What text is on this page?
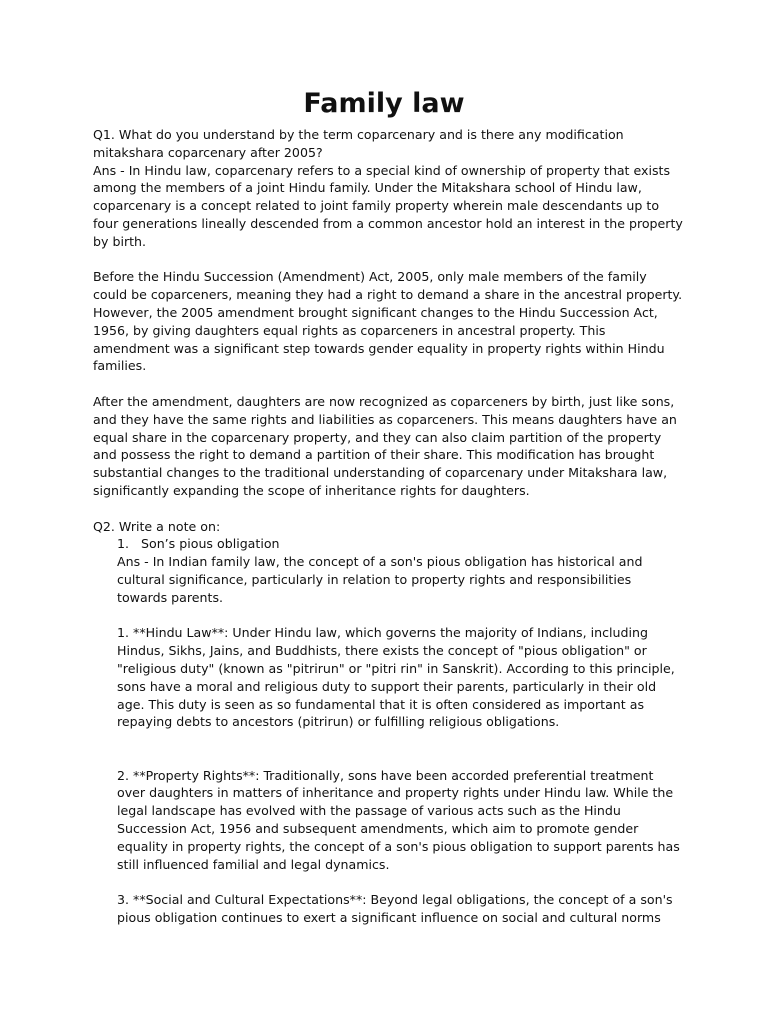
Family law

Q1. What do you understand by the term coparcenary and is there any modification mitakshara coparcenary after 2005?

Ans - In Hindu law, coparcenary refers to a special kind of ownership of property that exists among the members of a joint Hindu family. Under the Mitakshara school of Hindu law, coparcenary is a concept related to joint family property wherein male descendants up to four generations lineally descended from a common ancestor hold an interest in the property by birth.

Before the Hindu Succession (Amendment) Act, 2005, only male members of the family could be coparceners, meaning they had a right to demand a share in the ancestral property. However, the 2005 amendment brought significant changes to the Hindu Succession Act, 1956, by giving daughters equal rights as coparceners in ancestral property. This amendment was a significant step towards gender equality in property rights within Hindu families.

After the amendment, daughters are now recognized as coparceners by birth, just like sons, and they have the same rights and liabilities as coparceners. This means daughters have an equal share in the coparcenary property, and they can also claim partition of the property and possess the right to demand a partition of their share. This modification has brought substantial changes to the traditional understanding of coparcenary under Mitakshara law, significantly expanding the scope of inheritance rights for daughters.

Q2. Write a note on:

1. Son’s pious obligation

Ans - In Indian family law, the concept of a son's pious obligation has historical and cultural significance, particularly in relation to property rights and responsibilities towards parents.

1. **Hindu Law**: Under Hindu law, which governs the majority of Indians, including Hindus, Sikhs, Jains, and Buddhists, there exists the concept of "pious obligation" or "religious duty" (known as "pitrirun" or "pitri rin" in Sanskrit). According to this principle, sons have a moral and religious duty to support their parents, particularly in their old age. This duty is seen as so fundamental that it is often considered as important as repaying debts to ancestors (pitrirun) or fulfilling religious obligations.

2. **Property Rights**: Traditionally, sons have been accorded preferential treatment over daughters in matters of inheritance and property rights under Hindu law. While the legal landscape has evolved with the passage of various acts such as the Hindu Succession Act, 1956 and subsequent amendments, which aim to promote gender equality in property rights, the concept of a son's pious obligation to support parents has still influenced familial and legal dynamics.

3. **Social and Cultural Expectations**: Beyond legal obligations, the concept of a son's pious obligation continues to exert a significant influence on social and cultural norms
